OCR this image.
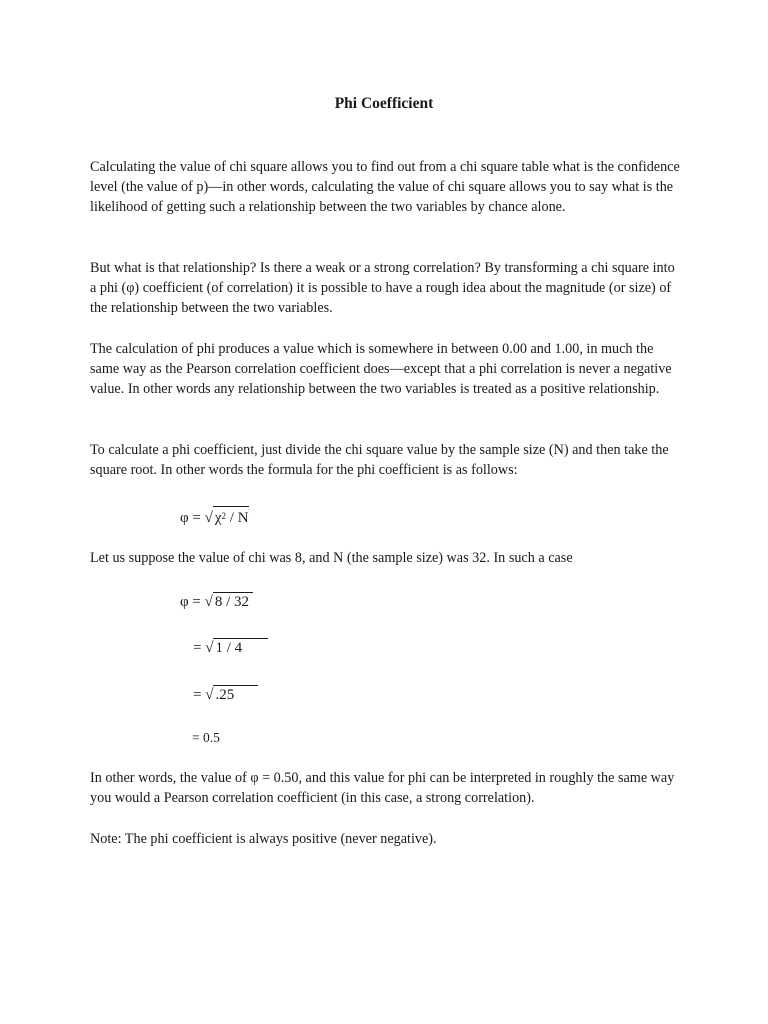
Phi Coefficient

Calculating the value of chi square allows you to find out from a chi square table what is the confidence level (the value of p)—in other words, calculating the value of chi square allows you to say what is the likelihood of getting such a relationship between the two variables by chance alone.

But what is that relationship? Is there a weak or a strong correlation? By transforming a chi square into a phi (φ) coefficient (of correlation) it is possible to have a rough idea about the magnitude (or size) of the relationship between the two variables.

The calculation of phi produces a value which is somewhere in between 0.00 and 1.00, in much the same way as the Pearson correlation coefficient does—except that a phi correlation is never a negative value. In other words any relationship between the two variables is treated as a positive relationship.

To calculate a phi coefficient, just divide the chi square value by the sample size (N) and then take the square root. In other words the formula for the phi coefficient is as follows:

φ = √ $\chi^2$ / N

Let us suppose the value of chi was 8, and N (the sample size) was 32. In such a case

φ = √ 8 / 32
= √ 1 / 4
= √ .25
= 0.5

In other words, the value of φ = 0.50, and this value for phi can be interpreted in roughly the same way you would a Pearson correlation coefficient (in this case, a strong correlation).

Note: The phi coefficient is always positive (never negative).
